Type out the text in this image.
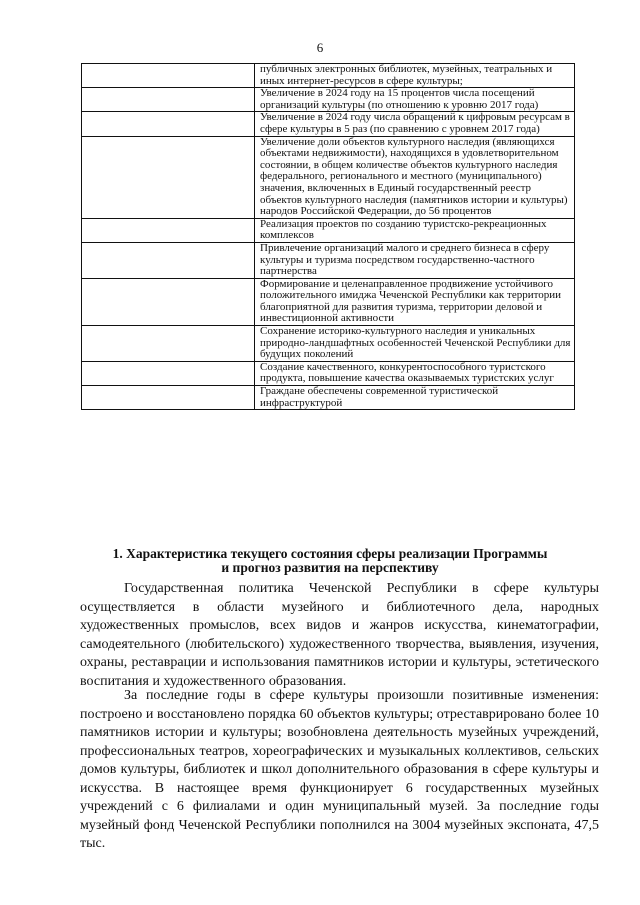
6
	публичных электронных библиотек, музейных, театральных и иных интернет-ресурсов в сфере культуры;
	Увеличение в 2024 году на 15 процентов числа посещений организаций культуры (по отношению к уровню 2017 года)
	Увеличение в 2024 году числа обращений к цифровым ресурсам в сфере культуры в 5 раз (по сравнению с уровнем 2017 года)
	Увеличение доли объектов культурного наследия (являющихся объектами недвижимости), находящихся в удовлетворительном состоянии, в общем количестве объектов культурного наследия федерального, регионального и местного (муниципального) значения, включенных в Единый государственный реестр объектов культурного наследия (памятников истории и культуры) народов Российской Федерации, до 56 процентов
	Реализация проектов по созданию туристско-рекреационных комплексов
	Привлечение организаций малого и среднего бизнеса в сферу культуры и туризма посредством государственно-частного партнерства
	Формирование и целенаправленное продвижение устойчивого положительного имиджа Чеченской Республики как территории благоприятной для развития туризма, территории деловой и инвестиционной активности
	Сохранение историко-культурного наследия и уникальных природно-ландшафтных особенностей Чеченской Республики для будущих поколений
	Создание качественного, конкурентоспособного туристского продукта, повышение качества оказываемых туристских услуг
	Граждане обеспечены современной туристической инфраструктурой
1. Характеристика текущего состояния сферы реализации Программы
и прогноз развития на перспективу

Государственная политика Чеченской Республики в сфере культуры осуществляется в области музейного и библиотечного дела, народных художественных промыслов, всех видов и жанров искусства, кинематографии, самодеятельного (любительского) художественного творчества, выявления, изучения, охраны, реставрации и использования памятников истории и культуры, эстетического воспитания и художественного образования.

За последние годы в сфере культуры произошли позитивные изменения: построено и восстановлено порядка 60 объектов культуры; отреставрировано более 10 памятников истории и культуры; возобновлена деятельность музейных учреждений, профессиональных театров, хореографических и музыкальных коллективов, сельских домов культуры, библиотек и школ дополнительного образования в сфере культуры и искусства. В настоящее время функционирует 6 государственных музейных учреждений с 6 филиалами и один муниципальный музей. За последние годы музейный фонд Чеченской Республики пополнился на 3004 музейных экспоната, 47,5 тыс.
